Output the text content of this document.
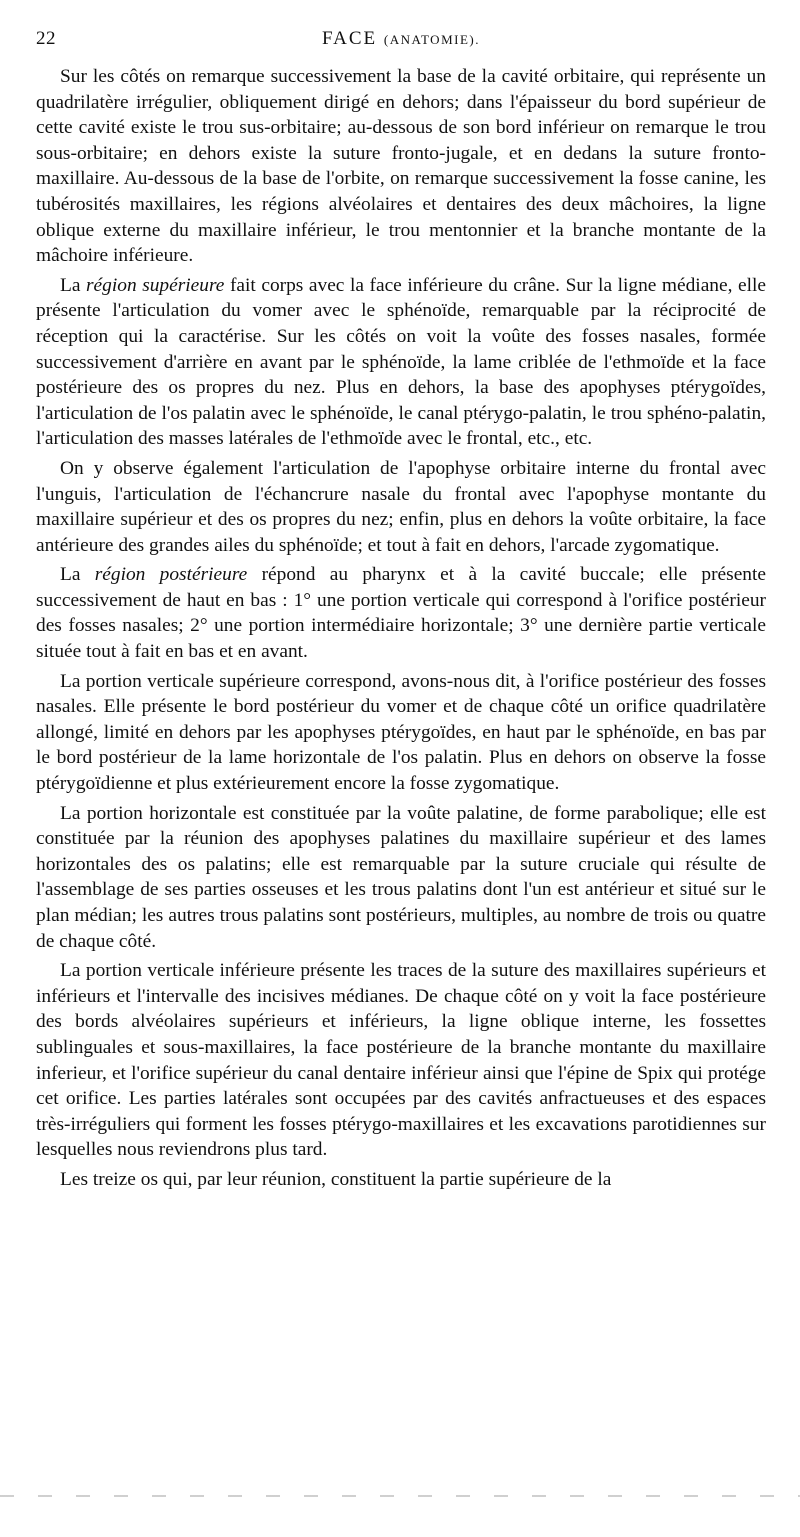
22	FACE (ANATOMIE).

Sur les côtés on remarque successivement la base de la cavité orbitaire, qui représente un quadrilatère irrégulier, obliquement dirigé en dehors; dans l'épaisseur du bord supérieur de cette cavité existe le trou sus-orbitaire; au-dessous de son bord inférieur on remarque le trou sous-orbitaire; en dehors existe la suture fronto-jugale, et en dedans la suture fronto-maxillaire. Au-dessous de la base de l'orbite, on remarque successivement la fosse canine, les tubérosités maxillaires, les régions alvéolaires et dentaires des deux mâchoires, la ligne oblique externe du maxillaire inférieur, le trou mentonnier et la branche montante de la mâchoire inférieure.

La région supérieure fait corps avec la face inférieure du crâne. Sur la ligne médiane, elle présente l'articulation du vomer avec le sphénoïde, remarquable par la réciprocité de réception qui la caractérise. Sur les côtés on voit la voûte des fosses nasales, formée successivement d'arrière en avant par le sphénoïde, la lame criblée de l'ethmoïde et la face postérieure des os propres du nez. Plus en dehors, la base des apophyses ptérygoïdes, l'articulation de l'os palatin avec le sphénoïde, le canal ptérygo-palatin, le trou sphéno-palatin, l'articulation des masses latérales de l'ethmoïde avec le frontal, etc., etc.

On y observe également l'articulation de l'apophyse orbitaire interne du frontal avec l'unguis, l'articulation de l'échancrure nasale du frontal avec l'apophyse montante du maxillaire supérieur et des os propres du nez; enfin, plus en dehors la voûte orbitaire, la face antérieure des grandes ailes du sphénoïde; et tout à fait en dehors, l'arcade zygomatique.

La région postérieure répond au pharynx et à la cavité buccale; elle présente successivement de haut en bas : 1° une portion verticale qui correspond à l'orifice postérieur des fosses nasales; 2° une portion intermédiaire horizontale; 3° une dernière partie verticale située tout à fait en bas et en avant.

La portion verticale supérieure correspond, avons-nous dit, à l'orifice postérieur des fosses nasales. Elle présente le bord postérieur du vomer et de chaque côté un orifice quadrilatère allongé, limité en dehors par les apophyses ptérygoïdes, en haut par le sphénoïde, en bas par le bord postérieur de la lame horizontale de l'os palatin. Plus en dehors on observe la fosse ptérygoïdienne et plus extérieurement encore la fosse zygomatique.

La portion horizontale est constituée par la voûte palatine, de forme parabolique; elle est constituée par la réunion des apophyses palatines du maxillaire supérieur et des lames horizontales des os palatins; elle est remarquable par la suture cruciale qui résulte de l'assemblage de ses parties osseuses et les trous palatins dont l'un est antérieur et situé sur le plan médian; les autres trous palatins sont postérieurs, multiples, au nombre de trois ou quatre de chaque côté.

La portion verticale inférieure présente les traces de la suture des maxillaires supérieurs et inférieurs et l'intervalle des incisives médianes. De chaque côté on y voit la face postérieure des bords alvéolaires supérieurs et inférieurs, la ligne oblique interne, les fossettes sublinguales et sous-maxillaires, la face postérieure de la branche montante du maxillaire inferieur, et l'orifice supérieur du canal dentaire inférieur ainsi que l'épine de Spix qui protége cet orifice. Les parties latérales sont occupées par des cavités anfractueuses et des espaces très-irréguliers qui forment les fosses ptérygo-maxillaires et les excavations parotidiennes sur lesquelles nous reviendrons plus tard.

Les treize os qui, par leur réunion, constituent la partie supérieure de la
